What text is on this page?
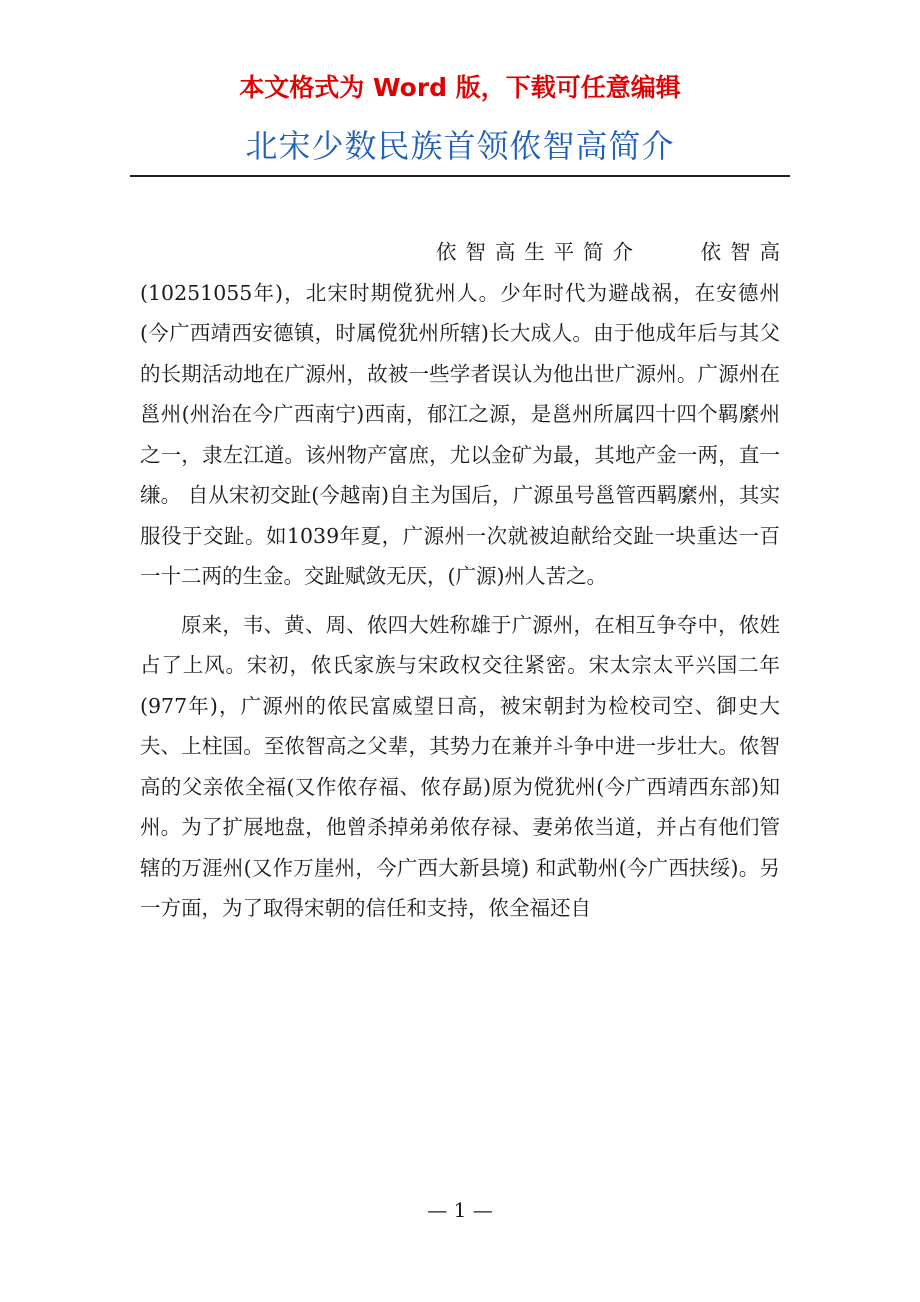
本文格式为 Word 版，下载可任意编辑
北宋少数民族首领侬智高简介

依智高生平简介　　依智高(10251055年)，北宋时期傥犹州人。少年时代为避战祸，在安德州(今广西靖西安德镇，时属傥犹州所辖)长大成人。由于他成年后与其父的长期活动地在广源州，故被一些学者误认为他出世广源州。广源州在邕州(州治在今广西南宁)西南，郁江之源，是邕州所属四十四个羁縻州之一，隶左江道。该州物产富庶，尤以金矿为最，其地产金一两，直一缣。 自从宋初交趾(今越南)自主为国后，广源虽号邕管西羁縻州，其实服役于交趾。如1039年夏，广源州一次就被迫献给交趾一块重达一百一十二两的生金。交趾赋敛无厌，(广源)州人苦之。

原来，韦、黄、周、侬四大姓称雄于广源州，在相互争夺中，侬姓占了上风。宋初，侬氏家族与宋政权交往紧密。宋太宗太平兴国二年(977年)，广源州的侬民富威望日高，被宋朝封为检校司空、御史大夫、上柱国。至侬智高之父辈，其势力在兼并斗争中进一步壮大。侬智高的父亲侬全福(又作侬存福、侬存勗)原为傥犹州(今广西靖西东部)知州。为了扩展地盘，他曾杀掉弟弟侬存禄、妻弟侬当道，并占有他们管辖的万涯州(又作万崖州，今广西大新县境) 和武勒州(今广西扶绥)。另一方面，为了取得宋朝的信任和支持，侬全福还自

— 1 —
